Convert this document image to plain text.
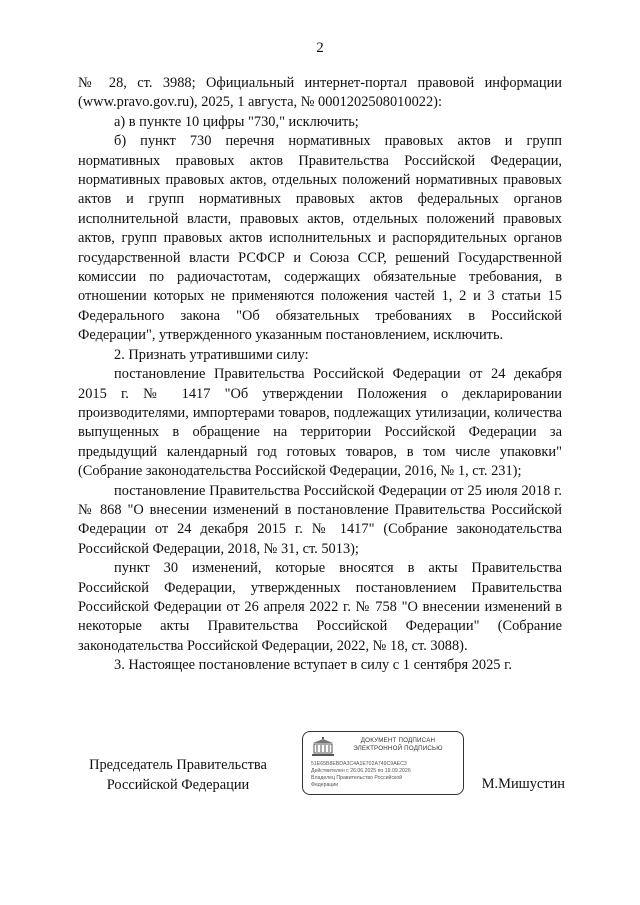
2

№ 28, ст. 3988; Официальный интернет-портал правовой информации (www.pravo.gov.ru), 2025, 1 августа, № 0001202508010022):

а) в пункте 10 цифры "730," исключить;

б) пункт 730 перечня нормативных правовых актов и групп нормативных правовых актов Правительства Российской Федерации, нормативных правовых актов, отдельных положений нормативных правовых актов и групп нормативных правовых актов федеральных органов исполнительной власти, правовых актов, отдельных положений правовых актов, групп правовых актов исполнительных и распорядительных органов государственной власти РСФСР и Союза ССР, решений Государственной комиссии по радиочастотам, содержащих обязательные требования, в отношении которых не применяются положения частей 1, 2 и 3 статьи 15 Федерального закона "Об обязательных требованиях в Российской Федерации", утвержденного указанным постановлением, исключить.

2. Признать утратившими силу:

постановление Правительства Российской Федерации от 24 декабря 2015 г. № 1417 "Об утверждении Положения о декларировании производителями, импортерами товаров, подлежащих утилизации, количества выпущенных в обращение на территории Российской Федерации за предыдущий календарный год готовых товаров, в том числе упаковки" (Собрание законодательства Российской Федерации, 2016, № 1, ст. 231);

постановление Правительства Российской Федерации от 25 июля 2018 г. № 868 "О внесении изменений в постановление Правительства Российской Федерации от 24 декабря 2015 г. № 1417" (Собрание законодательства Российской Федерации, 2018, № 31, ст. 5013);

пункт 30 изменений, которые вносятся в акты Правительства Российской Федерации, утвержденных постановлением Правительства Российской Федерации от 26 апреля 2022 г. № 758 "О внесении изменений в некоторые акты Правительства Российской Федерации" (Собрание законодательства Российской Федерации, 2022, № 18, ст. 3088).

3. Настоящее постановление вступает в силу с 1 сентября 2025 г.

Председатель Правительства
Российской Федерации
ДОКУМЕНТ ПОДПИСАН
ЭЛЕКТРОННОЙ ПОДПИСЬЮ
51E65B8EBDA3C4A1E702A749C9AEC3
Действителен с 26.06.2025 по 19.09.2026
Владелец Правительство Российской
Федерации	М.Мишустин
